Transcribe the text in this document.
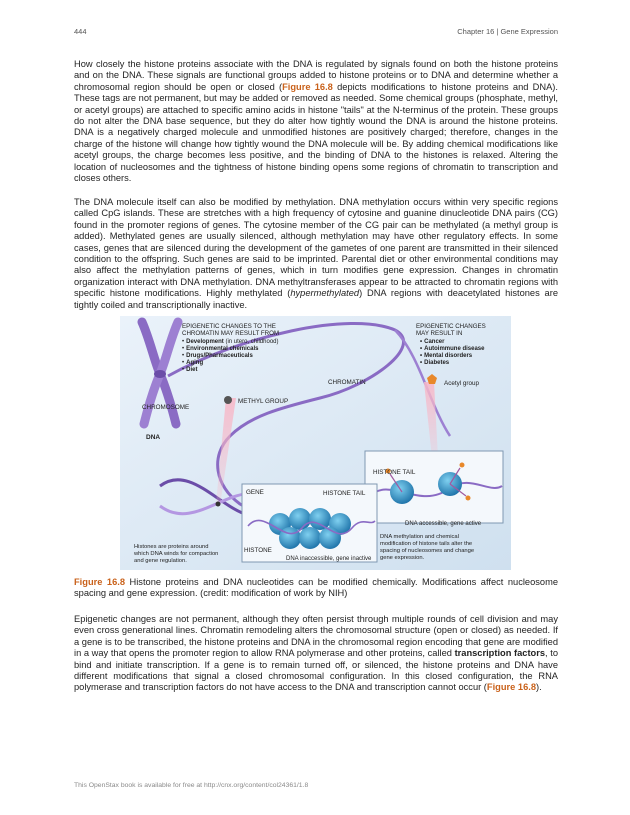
444	Chapter 16 | Gene Expression

How closely the histone proteins associate with the DNA is regulated by signals found on both the histone proteins and on the DNA. These signals are functional groups added to histone proteins or to DNA and determine whether a chromosomal region should be open or closed (Figure 16.8 depicts modifications to histone proteins and DNA). These tags are not permanent, but may be added or removed as needed. Some chemical groups (phosphate, methyl, or acetyl groups) are attached to specific amino acids in histone "tails" at the N-terminus of the protein. These groups do not alter the DNA base sequence, but they do alter how tightly wound the DNA is around the histone proteins. DNA is a negatively charged molecule and unmodified histones are positively charged; therefore, changes in the charge of the histone will change how tightly wound the DNA molecule will be. By adding chemical modifications like acetyl groups, the charge becomes less positive, and the binding of DNA to the histones is relaxed. Altering the location of nucleosomes and the tightness of histone binding opens some regions of chromatin to transcription and closes others.

The DNA molecule itself can also be modified by methylation. DNA methylation occurs within very specific regions called CpG islands. These are stretches with a high frequency of cytosine and guanine dinucleotide DNA pairs (CG) found in the promoter regions of genes. The cytosine member of the CG pair can be methylated (a methyl group is added). Methylated genes are usually silenced, although methylation may have other regulatory effects. In some cases, genes that are silenced during the development of the gametes of one parent are transmitted in their silenced condition to the offspring. Such genes are said to be imprinted. Parental diet or other environmental conditions may also affect the methylation patterns of genes, which in turn modifies gene expression. Changes in chromatin organization interact with DNA methylation. DNA methyltransferases appear to be attracted to chromatin regions with specific histone modifications. Highly methylated (hypermethylated) DNA regions with deacetylated histones are tightly coiled and transcriptionally inactive.

EPIGENETIC CHANGES TO THE
CHROMATIN MAY RESULT FROM
• Development (in utero, childhood)
• Environmental chemicals
• Drugs/Pharmaceuticals
• Aging
• Diet
EPIGENETIC CHANGES
MAY RESULT IN
• Cancer
• Autoimmune disease
• Mental disorders
• Diabetes
CHROMATIN
CHROMOSOME
METHYL GROUP
Acetyl group
DNA
HISTONE TAIL
DNA accessible, gene active
GENE	HISTONE TAIL
HISTONE
DNA inaccessible, gene inactive
Histones are proteins around
which DNA winds for compaction
and gene regulation.
DNA methylation and chemical
modification of histone tails alter the
spacing of nucleosomes and change
gene expression.

Figure 16.8 Histone proteins and DNA nucleotides can be modified chemically. Modifications affect nucleosome spacing and gene expression. (credit: modification of work by NIH)

Epigenetic changes are not permanent, although they often persist through multiple rounds of cell division and may even cross generational lines. Chromatin remodeling alters the chromosomal structure (open or closed) as needed. If a gene is to be transcribed, the histone proteins and DNA in the chromosomal region encoding that gene are modified in a way that opens the promoter region to allow RNA polymerase and other proteins, called transcription factors, to bind and initiate transcription. If a gene is to remain turned off, or silenced, the histone proteins and DNA have different modifications that signal a closed chromosomal configuration. In this closed configuration, the RNA polymerase and transcription factors do not have access to the DNA and transcription cannot occur (Figure 16.8).

This OpenStax book is available for free at http://cnx.org/content/col24361/1.8
